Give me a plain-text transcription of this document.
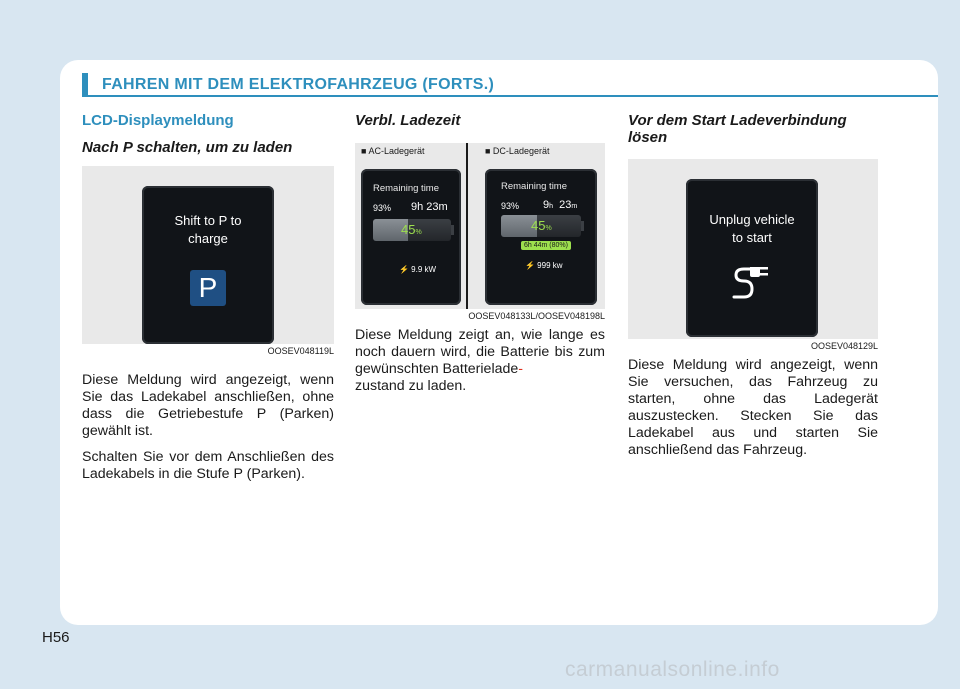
FAHREN MIT DEM ELEKTROFAHRZEUG (FORTS.)
LCD-Displaymeldung
Nach P schalten, um zu laden
Shift to P to
charge
P
OOSEV048119L

Diese Meldung wird angezeigt, wenn Sie das Ladekabel anschließen, ohne dass die Getriebestufe P (Parken) gewählt ist.

Schalten Sie vor dem Anschließen des Ladekabels in die Stufe P (Parken).

Verbl. Ladezeit
■ AC-Ladegerät	■ DC-Ladegerät
Remaining time
93% 9h 23m
45%
⚡ 9.9 kW
Remaining time
93% 9h 23m
45%
6h 44m (80%)
⚡ 999 kw
OOSEV048133L/OOSEV048198L

Diese Meldung zeigt an, wie lange es noch dauern wird, die Batterie bis zum gewünschten Batterielade-
zustand zu laden.

Vor dem Start Ladeverbindung lösen
Unplug vehicle
to start
OOSEV048129L

Diese Meldung wird angezeigt, wenn Sie versuchen, das Fahrzeug zu starten, ohne das Ladegerät auszustecken. Stecken Sie das Ladekabel aus und starten Sie anschließend das Fahrzeug.

H56
carmanualsonline.info
